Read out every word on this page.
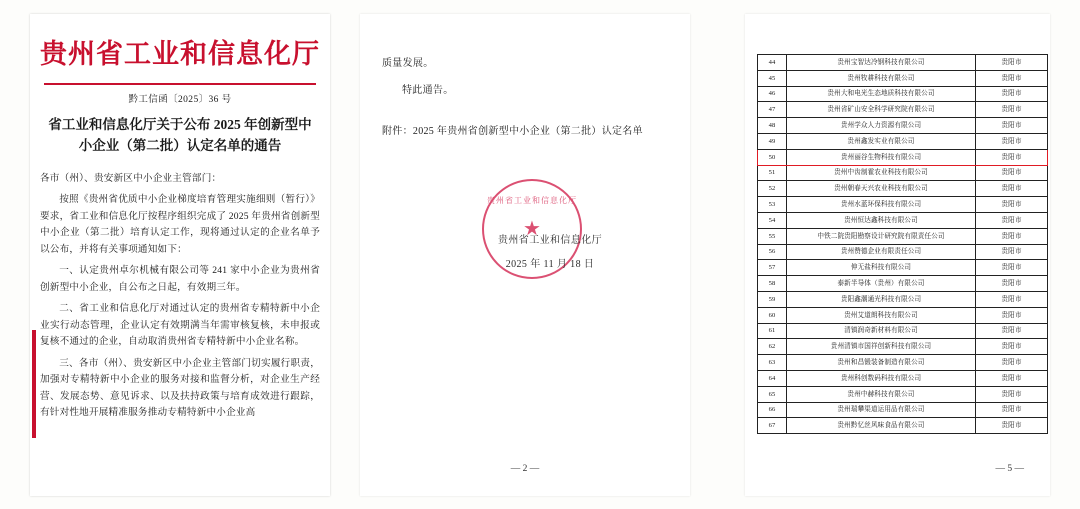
贵州省工业和信息化厅
黔工信函〔2025〕36 号
省工业和信息化厅关于公布 2025 年创新型中小企业（第二批）认定名单的通告

各市（州）、贵安新区中小企业主管部门：

按照《贵州省优质中小企业梯度培育管理实施细则（暂行）》要求，省工业和信息化厅按程序组织完成了 2025 年贵州省创新型中小企业（第二批）培育认定工作，现将通过认定的企业名单予以公布，并将有关事项通知如下：

一、认定贵州卓尔机械有限公司等 241 家中小企业为贵州省创新型中小企业，自公布之日起，有效期三年。

二、省工业和信息化厅对通过认定的贵州省专精特新中小企业实行动态管理，企业认定有效期满当年需审核复核，未申报或复核不通过的企业，自动取消贵州省专精特新中小企业名称。

三、各市（州）、贵安新区中小企业主管部门切实履行职责，加强对专精特新中小企业的服务对接和监督分析，对企业生产经营、发展态势、意见诉求、以及扶持政策与培育成效进行跟踪，有针对性地开展精准服务推动专精特新中小企业高

质量发展。

特此通告。

附件：2025 年贵州省创新型中小企业（第二批）认定名单

贵州省工业和信息化厅
★
贵州省工业和信息化厅
2025 年 11 月 18 日
— 2 —
44	贵州宝智达冷钢科技有限公司	贵阳市
45	贵州牧耕科技有限公司	贵阳市
46	贵州大和电光生态地质科技有限公司	贵阳市
47	贵州省矿山安全科学研究院有限公司	贵阳市
48	贵州学众人力资源有限公司	贵阳市
49	贵州鑫发实业有限公司	贵阳市
50	贵州丽谷生物科技有限公司	贵阳市
51	贵州中齿制霍农业科技有限公司	贵阳市
52	贵州朝春天兴农业科技有限公司	贵阳市
53	贵州水蓝环保科技有限公司	贵阳市
54	贵州恒达鑫科技有限公司	贵阳市
55	中铁二院贵阳勘察设计研究院有限责任公司	贵阳市
56	贵州赞德企业有限责任公司	贵阳市
57	伸无盐科技有限公司	贵阳市
58	泰新半导体（贵州）有限公司	贵阳市
59	贵阳鑫潮通光科技有限公司	贵阳市
60	贵州艾道朗科技有限公司	贵阳市
61	清镇润奇新材料有限公司	贵阳市
62	贵州清镇市国祥创新科技有限公司	贵阳市
63	贵州和昌锻装备制造有限公司	贵阳市
64	贵州科创数码科技有限公司	贵阳市
65	贵州中赫科技有限公司	贵阳市
66	贵州瑞攀渠道运用品有限公司	贵阳市
67	贵州黔忆丝风味食品有限公司	贵阳市
— 5 —
